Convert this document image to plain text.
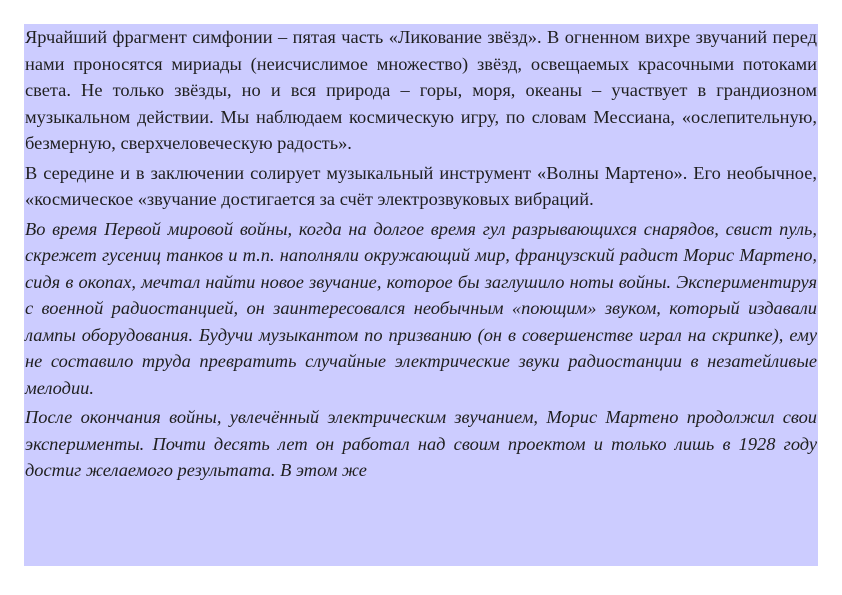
Ярчайший фрагмент симфонии – пятая часть «Ликование звёзд». В огненном вихре звучаний перед нами проносятся мириады (неисчислимое множество) звёзд, освещаемых красочными потоками света. Не только звёзды, но и вся природа – горы, моря, океаны – участвует в грандиозном музыкальном действии. Мы наблюдаем космическую игру, по словам Мессиана, «ослепительную, безмерную, сверхчеловеческую радость».

В середине и в заключении солирует музыкальный инструмент «Волны Мартено». Его необычное, «космическое «звучание достигается за счёт электрозвуковых вибраций.

Во время Первой мировой войны, когда на долгое время гул разрывающихся снарядов, свист пуль, скрежет гусениц танков и т.п. наполняли окружающий мир, французский радист Морис Мартено, сидя в окопах, мечтал найти новое звучание, которое бы заглушило ноты войны. Экспериментируя с военной радиостанцией, он заинтересовался необычным «поющим» звуком, который издавали лампы оборудования. Будучи музыкантом по призванию (он в совершенстве играл на скрипке), ему не составило труда превратить случайные электрические звуки радиостанции в незатейливые мелодии.

После окончания войны, увлечённый электрическим звучанием, Морис Мартено продолжил свои эксперименты. Почти десять лет он работал над своим проектом и только лишь в 1928 году достиг желаемого результата. В этом же
